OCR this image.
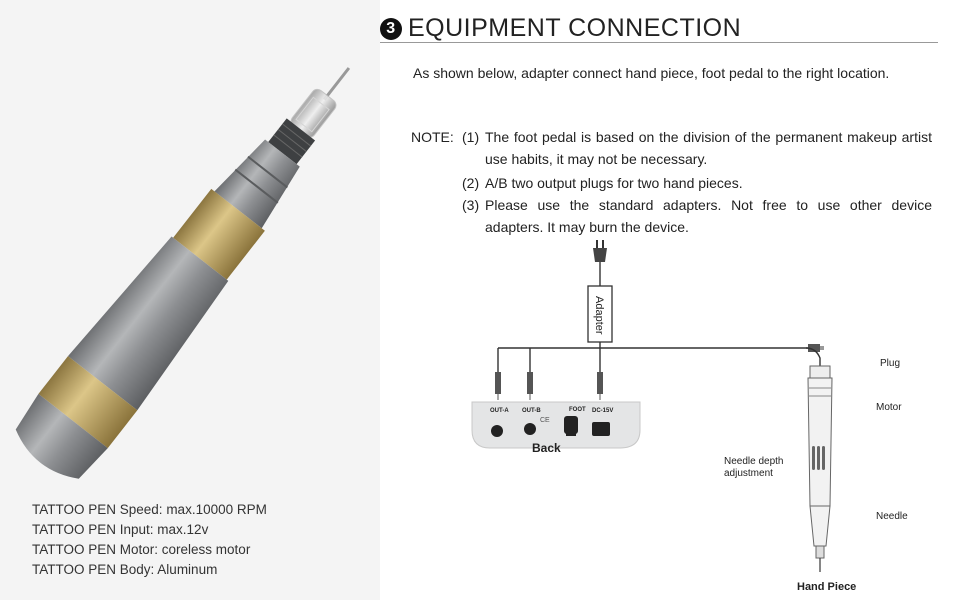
TATTOO PEN Speed: max.10000 RPM
TATTOO PEN Input: max.12v
TATTOO PEN Motor: coreless motor
TATTOO PEN Body: Aluminum
3 EQUIPMENT CONNECTION
As shown below, adapter connect hand piece, foot pedal to the right location.
NOTE: (1) The foot pedal is based on the division of the permanent makeup artist use habits, it may not be necessary.
(2) A/B two output plugs for two hand pieces.
(3) Please use the standard adapters. Not free to use other device adapters. It may burn the device.
Adapter
OUT-A OUT-B	FOOT DC-15V
CE
Back
Plug
Motor
Needle depth
adjustment
Needle
Hand Piece
